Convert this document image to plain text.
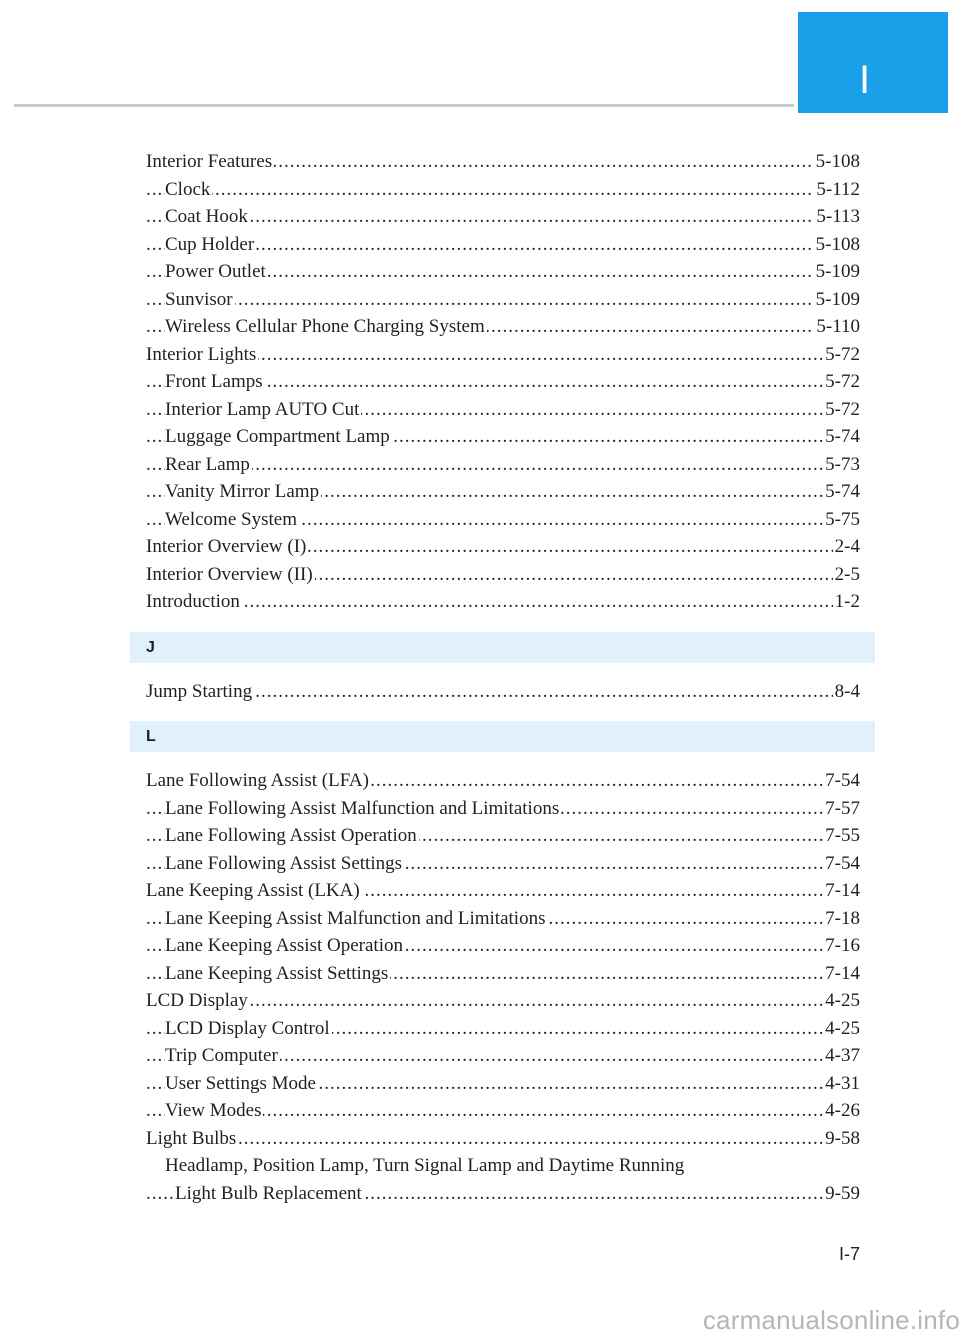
I
Interior Features	5-108
.....
Clock	5-112
.....
Coat Hook	5-113
.....
Cup Holder	5-108
.....
Power Outlet	5-109
.....
Sunvisor	5-109
.....
Wireless Cellular Phone Charging System	5-110
.....
Interior Lights	5-72
.....
Front Lamps	5-72
.....
Interior Lamp AUTO Cut	5-72
.....
Luggage Compartment Lamp	5-74
.....
Rear Lamp	5-73
.....
Vanity Mirror Lamp	5-74
.....
Welcome System	5-75
.....
Interior Overview (I)	2-4
.....
Interior Overview (II)	2-5
.....
Introduction	1-2
.....
J
Jump Starting	8-4
.....
L
Lane Following Assist (LFA)	7-54
.....
Lane Following Assist Malfunction and Limitations	7-57
.....
Lane Following Assist Operation	7-55
.....
Lane Following Assist Settings	7-54
.....
Lane Keeping Assist (LKA)	7-14
.....
Lane Keeping Assist Malfunction and Limitations	7-18
.....
Lane Keeping Assist Operation	7-16
.....
Lane Keeping Assist Settings	7-14
.....
LCD Display	4-25
.....
LCD Display Control	4-25
.....
Trip Computer	4-37
.....
User Settings Mode	4-31
.....
View Modes	4-26
.....
Light Bulbs	9-58
.....
Headlamp, Position Lamp, Turn Signal Lamp and Daytime Running
Light Bulb Replacement	9-59
.....
I-7
carmanualsonline.info
